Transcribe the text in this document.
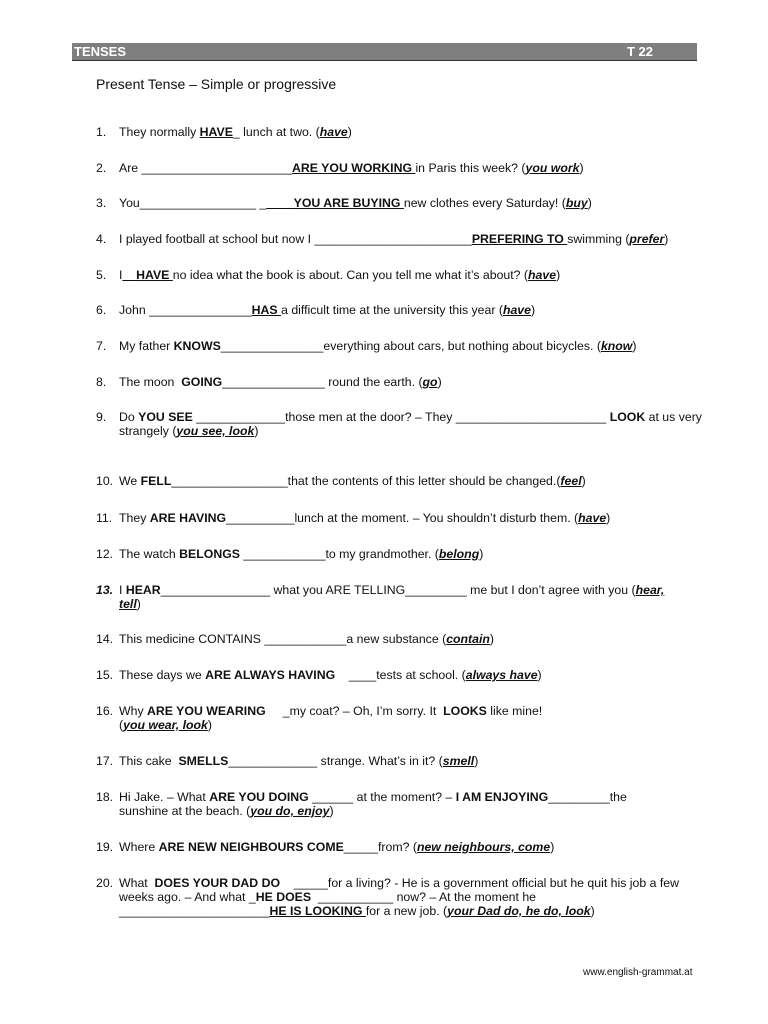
TENSES	T 22
Present Tense – Simple or progressive
1. They normally HAVE_ lunch at two. (have)
2. Are ______________________ARE YOU WORKING in Paris this week? (you work)
3. You_________________ _____YOU ARE BUYING new clothes every Saturday! (buy)
4. I played football at school but now I _______________________PREFERING TO swimming (prefer)
5. I__HAVE no idea what the book is about. Can you tell me what it’s about? (have)
6. John _______________HAS a difficult time at the university this year (have)
7. My father KNOWS_______________everything about cars, but nothing about bicycles. (know)
8. The moon  GOING_______________ round the earth. (go)
9. Do YOU SEE _____________those men at the door? – They ______________________ LOOK at us very
strangely (you see, look)
10. We FELL_________________that the contents of this letter should be changed.(feel)
11. They ARE HAVING__________lunch at the moment. – You shouldn’t disturb them. (have)
12. The watch BELONGS ____________to my grandmother. (belong)
13. I HEAR________________ what you ARE TELLING_________ me but I don’t agree with you (hear,
tell)
14. This medicine CONTAINS ____________a new substance (contain)
15. These days we ARE ALWAYS HAVING    ____tests at school. (always have)
16. Why ARE YOU WEARING     _my coat? – Oh, I’m sorry. It  LOOKS like mine!
(you wear, look)
17. This cake  SMELLS_____________ strange. What’s in it? (smell)
18. Hi Jake. – What ARE YOU DOING ______ at the moment? – I AM ENJOYING_________the
sunshine at the beach. (you do, enjoy)
19. Where ARE NEW NEIGHBOURS COME_____from? (new neighbours, come)
20. What  DOES YOUR DAD DO    _____for a living? - He is a government official but he quit his job a few
weeks ago. – And what _HE DOES  ___________ now? – At the moment he
______________________HE IS LOOKING for a new job. (your Dad do, he do, look)
www.english-grammat.at
